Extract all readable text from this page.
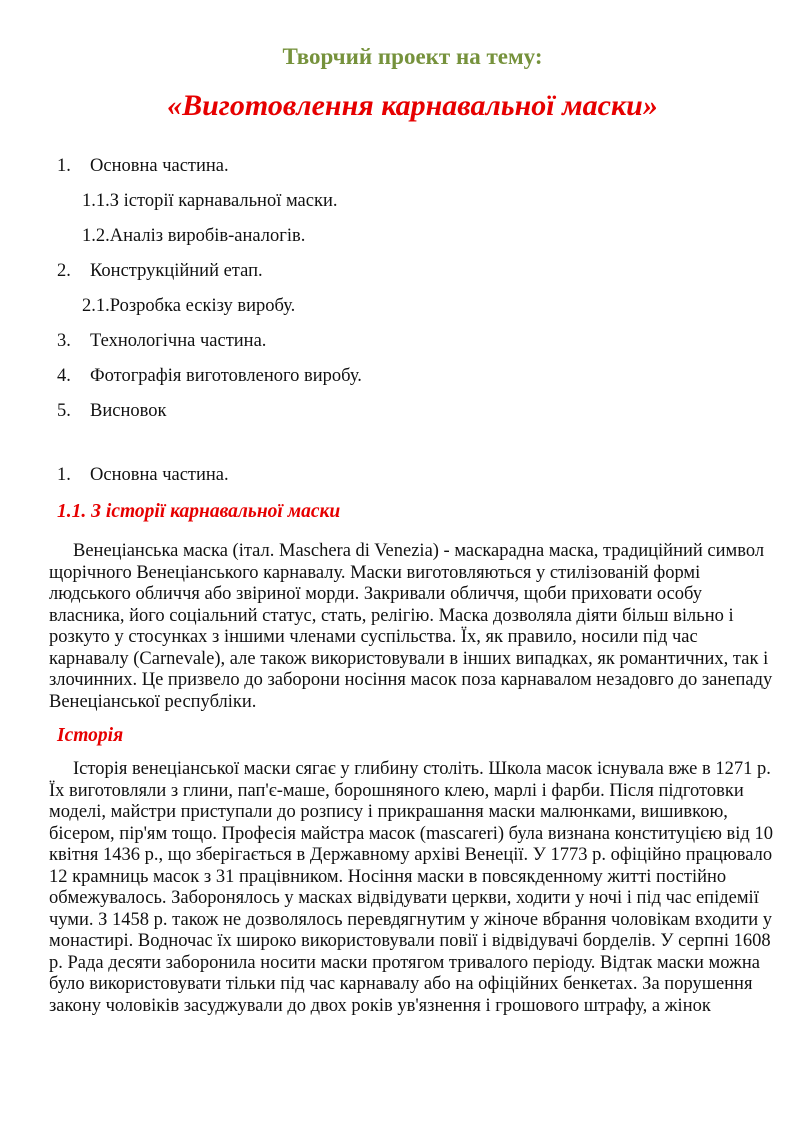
Творчий проект на тему:
«Виготовлення карнавальної маски»
1. Основна частина.
1.1.З історії карнавальної маски.
1.2.Аналіз виробів-аналогів.
2. Конструкційний етап.
2.1.Розробка ескізу виробу.
3. Технологічна частина.
4. Фотографія виготовленого виробу.
5. Висновок
1. Основна частина.
1.1. З історії карнавальної маски
Венеціанська маска (італ. Maschera di Venezia) - маскарадна маска, традиційний символ щорічного Венеціанського карнавалу. Маски виготовляються у стилізованій формі людського обличчя або звіриної морди. Закривали обличчя, щоби приховати особу власника, його соціальний статус, стать, релігію. Маска дозволяла діяти більш вільно і розкуто у стосунках з іншими членами суспільства. Їх, як правило, носили під час карнавалу (Carnevale), але також використовували в інших випадках, як романтичних, так і злочинних. Це призвело до заборони носіння масок поза карнавалом незадовго до занепаду Венеціанської республіки.
Історія
Історія венеціанської маски сягає у глибину століть. Школа масок існувала вже в 1271 р. Їх виготовляли з глини, пап'є-маше, борошняного клею, марлі і фарби. Після підготовки моделі, майстри приступали до розпису і прикрашання маски малюнками, вишивкою, бісером, пір'ям тощо. Професія майстра масок (mascareri) була визнана конституцією від 10 квітня 1436 р., що зберігається в Державному архіві Венеції. У 1773 р. офіційно працювало 12 крамниць масок з 31 працівником. Носіння маски в повсякденному житті постійно обмежувалось. Заборонялось у масках відвідувати церкви, ходити у ночі і під час епідемії чуми. З 1458 р. також не дозволялось перевдягнутим у жіноче вбрання чоловікам входити у монастирі. Водночас їх широко використовували повії і відвідувачі борделів. У серпні 1608 р. Рада десяти заборонила носити маски протягом тривалого періоду. Відтак маски можна було використовувати тільки під час карнавалу або на офіційних бенкетах. За порушення закону чоловіків засуджували до двох років ув'язнення і грошового штрафу, а жінок
